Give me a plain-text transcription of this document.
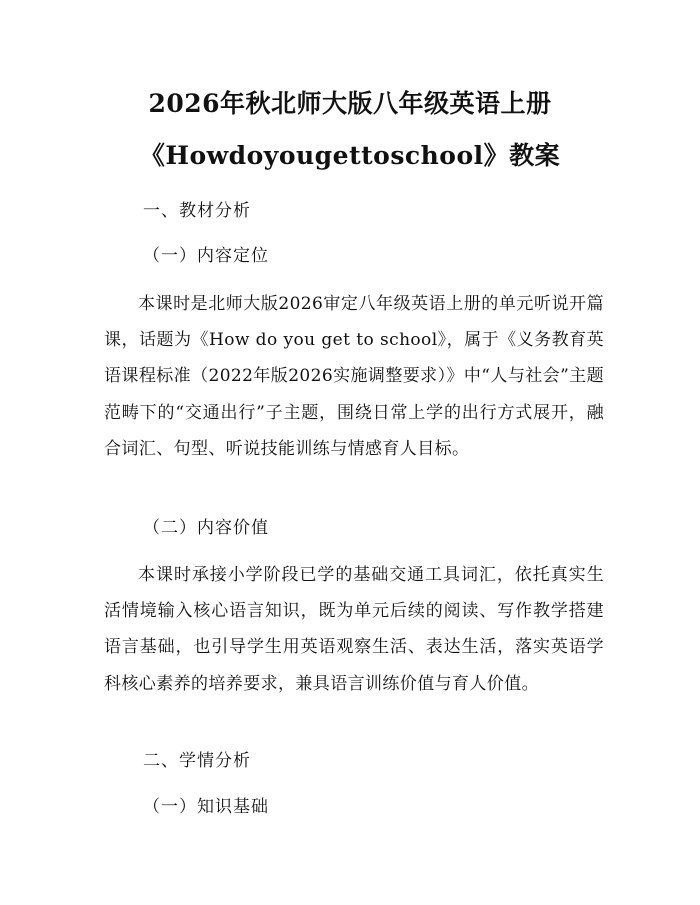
2026年秋北师大版八年级英语上册
《Howdoyougettoschool》教案
一、教材分析
（一）内容定位
本课时是北师大版2026审定八年级英语上册的单元听说开篇课，话题为《How do you get to school》，属于《义务教育英语课程标准（2022年版2026实施调整要求）》中“人与社会”主题范畴下的“交通出行”子主题，围绕日常上学的出行方式展开，融合词汇、句型、听说技能训练与情感育人目标。
（二）内容价值
本课时承接小学阶段已学的基础交通工具词汇，依托真实生活情境输入核心语言知识，既为单元后续的阅读、写作教学搭建语言基础，也引导学生用英语观察生活、表达生活，落实英语学科核心素养的培养要求，兼具语言训练价值与育人价值。
二、学情分析
（一）知识基础
